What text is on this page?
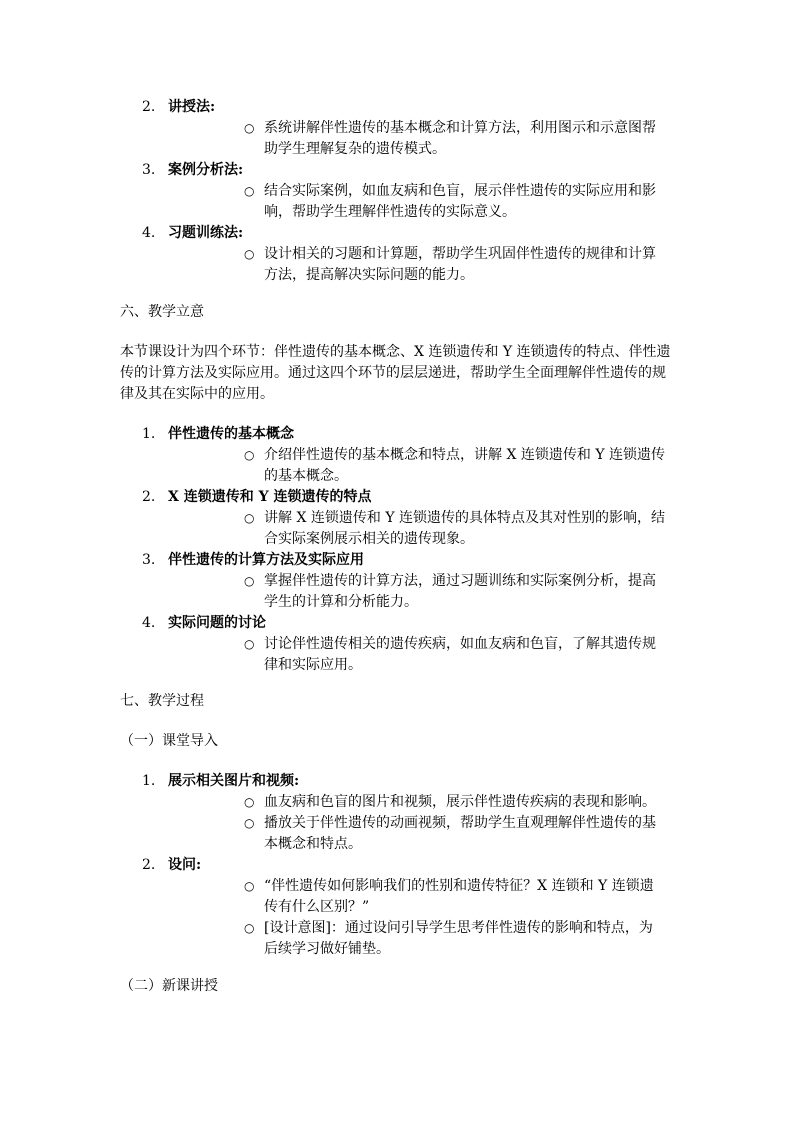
2. 讲授法:
○ 系统讲解伴性遗传的基本概念和计算方法，利用图示和示意图帮助学生理解复杂的遗传模式。
3. 案例分析法:
○ 结合实际案例，如血友病和色盲，展示伴性遗传的实际应用和影响，帮助学生理解伴性遗传的实际意义。
4. 习题训练法:
○ 设计相关的习题和计算题，帮助学生巩固伴性遗传的规律和计算方法，提高解决实际问题的能力。

六、教学立意

本节课设计为四个环节：伴性遗传的基本概念、X 连锁遗传和 Y 连锁遗传的特点、伴性遗传的计算方法及实际应用。通过这四个环节的层层递进，帮助学生全面理解伴性遗传的规律及其在实际中的应用。

1. 伴性遗传的基本概念
○ 介绍伴性遗传的基本概念和特点，讲解 X 连锁遗传和 Y 连锁遗传的基本概念。
2. X 连锁遗传和 Y 连锁遗传的特点
○ 讲解 X 连锁遗传和 Y 连锁遗传的具体特点及其对性别的影响，结合实际案例展示相关的遗传现象。
3. 伴性遗传的计算方法及实际应用
○ 掌握伴性遗传的计算方法，通过习题训练和实际案例分析，提高学生的计算和分析能力。
4. 实际问题的讨论
○ 讨论伴性遗传相关的遗传疾病，如血友病和色盲，了解其遗传规律和实际应用。

七、教学过程

（一）课堂导入

1. 展示相关图片和视频:
○ 血友病和色盲的图片和视频，展示伴性遗传疾病的表现和影响。
○ 播放关于伴性遗传的动画视频，帮助学生直观理解伴性遗传的基本概念和特点。
2. 设问:
○ “伴性遗传如何影响我们的性别和遗传特征？X 连锁和 Y 连锁遗传有什么区别？”
○ [设计意图]：通过设问引导学生思考伴性遗传的影响和特点，为后续学习做好铺垫。

（二）新课讲授
